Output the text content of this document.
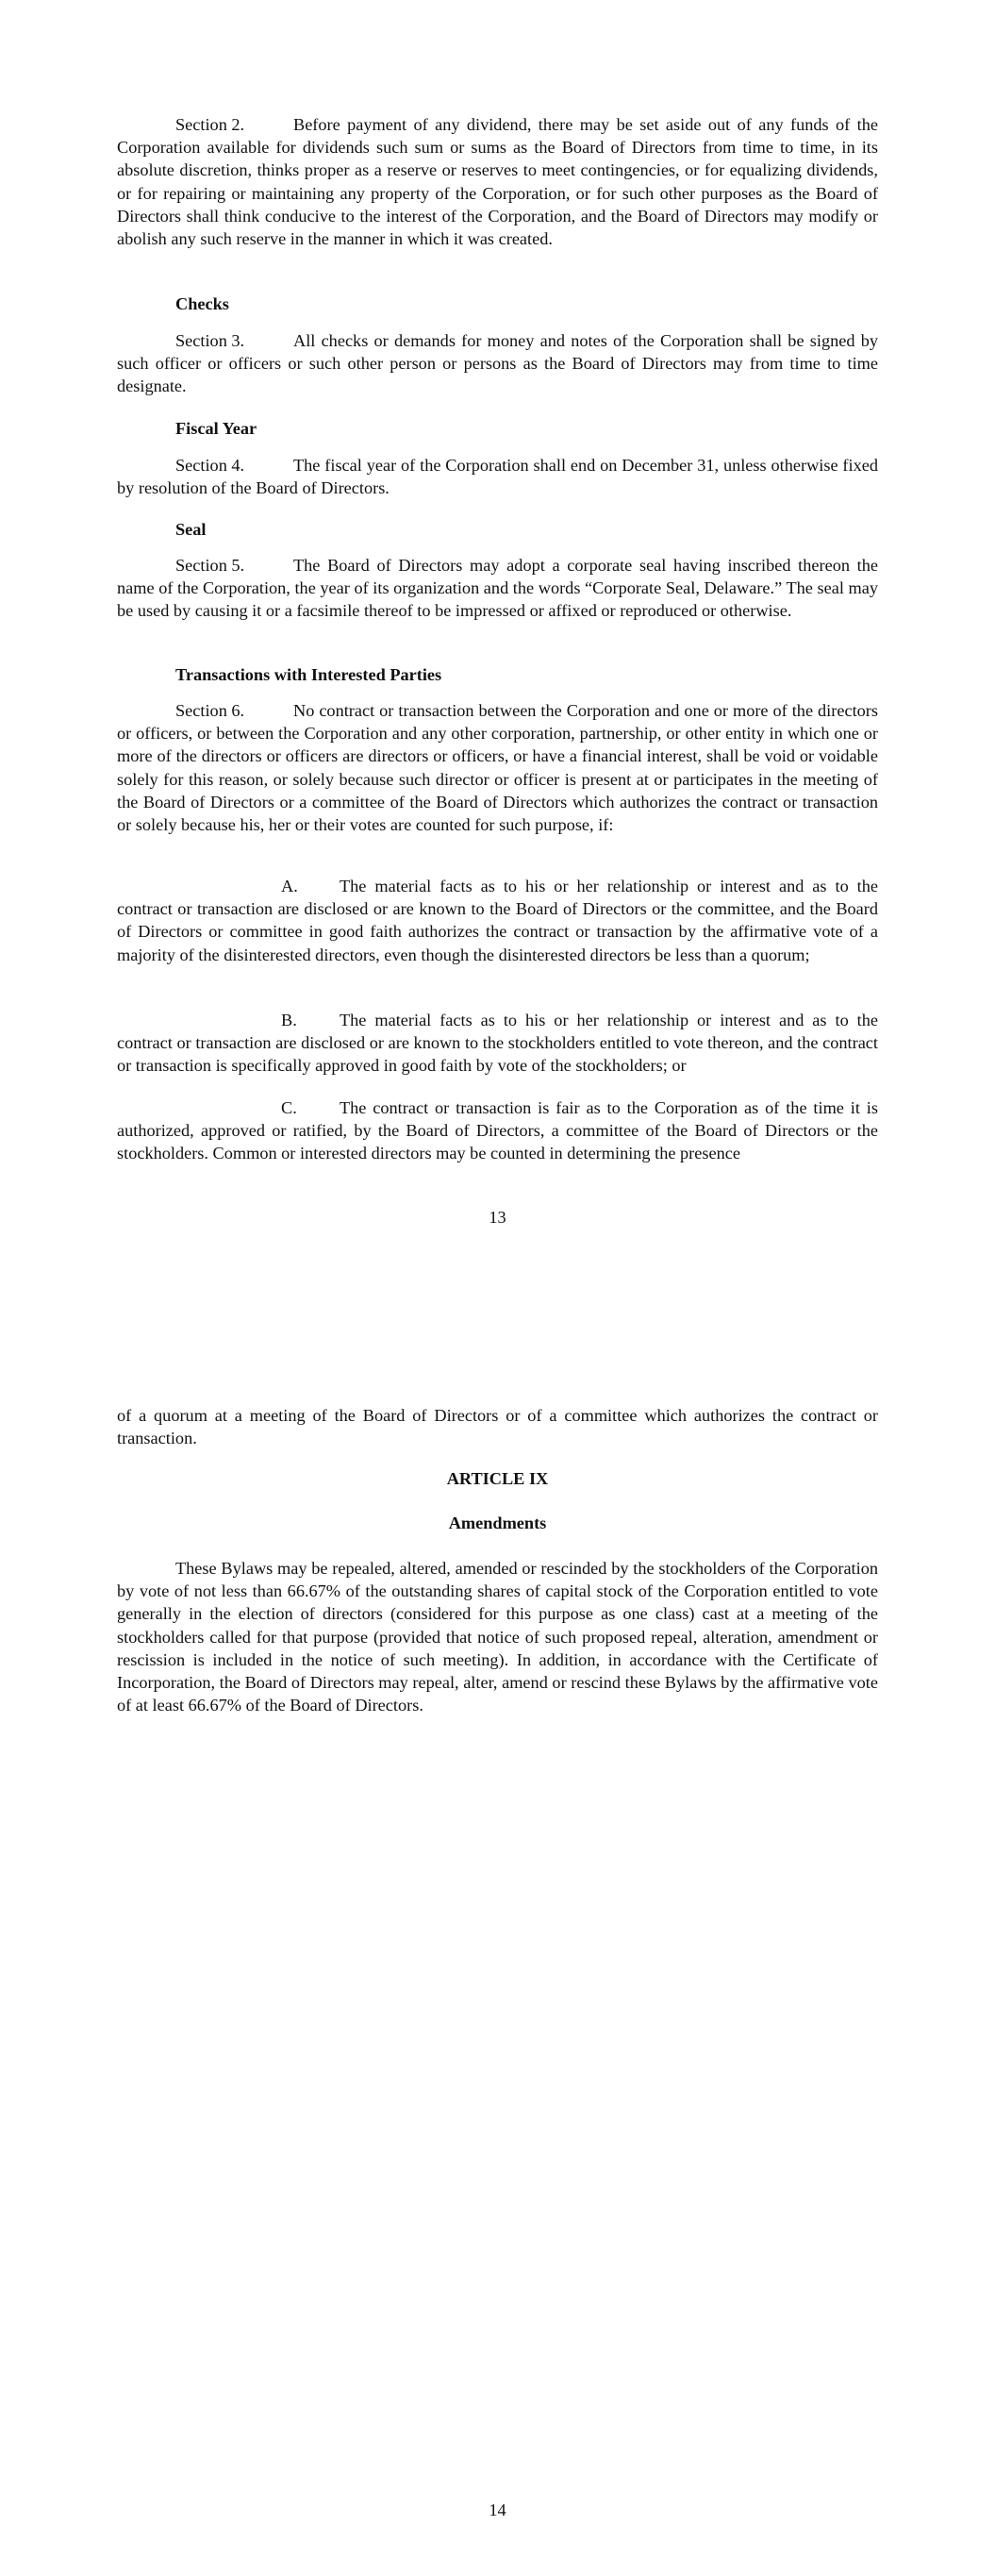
Section 2.	Before payment of any dividend, there may be set aside out of any funds of the Corporation available for dividends such sum or sums as the Board of Directors from time to time, in its absolute discretion, thinks proper as a reserve or reserves to meet contingencies, or for equalizing dividends, or for repairing or maintaining any property of the Corporation, or for such other purposes as the Board of Directors shall think conducive to the interest of the Corporation, and the Board of Directors may modify or abolish any such reserve in the manner in which it was created.

Checks

Section 3.	All checks or demands for money and notes of the Corporation shall be signed by such officer or officers or such other person or persons as the Board of Directors may from time to time designate.

Fiscal Year

Section 4.	The fiscal year of the Corporation shall end on December 31, unless otherwise fixed by resolution of the Board of Directors.

Seal

Section 5.	The Board of Directors may adopt a corporate seal having inscribed thereon the name of the Corporation, the year of its organization and the words “Corporate Seal, Delaware.” The seal may be used by causing it or a facsimile thereof to be impressed or affixed or reproduced or otherwise.

Transactions with Interested Parties

Section 6.	No contract or transaction between the Corporation and one or more of the directors or officers, or between the Corporation and any other corporation, partnership, or other entity in which one or more of the directors or officers are directors or officers, or have a financial interest, shall be void or voidable solely for this reason, or solely because such director or officer is present at or participates in the meeting of the Board of Directors or a committee of the Board of Directors which authorizes the contract or transaction or solely because his, her or their votes are counted for such purpose, if:

A. The material facts as to his or her relationship or interest and as to the contract or transaction are disclosed or are known to the Board of Directors or the committee, and the Board of Directors or committee in good faith authorizes the contract or transaction by the affirmative vote of a majority of the disinterested directors, even though the disinterested directors be less than a quorum;

B. The material facts as to his or her relationship or interest and as to the contract or transaction are disclosed or are known to the stockholders entitled to vote thereon, and the contract or transaction is specifically approved in good faith by vote of the stockholders; or

C. The contract or transaction is fair as to the Corporation as of the time it is authorized, approved or ratified, by the Board of Directors, a committee of the Board of Directors or the stockholders. Common or interested directors may be counted in determining the presence

13

of a quorum at a meeting of the Board of Directors or of a committee which authorizes the contract or transaction.

ARTICLE IX

Amendments

These Bylaws may be repealed, altered, amended or rescinded by the stockholders of the Corporation by vote of not less than 66.67% of the outstanding shares of capital stock of the Corporation entitled to vote generally in the election of directors (considered for this purpose as one class) cast at a meeting of the stockholders called for that purpose (provided that notice of such proposed repeal, alteration, amendment or rescission is included in the notice of such meeting). In addition, in accordance with the Certificate of Incorporation, the Board of Directors may repeal, alter, amend or rescind these Bylaws by the affirmative vote of at least 66.67% of the Board of Directors.

14
